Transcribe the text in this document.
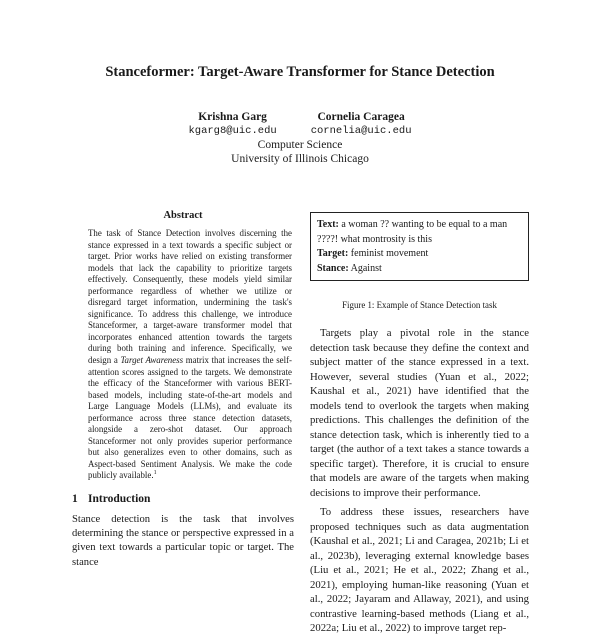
Stanceformer: Target-Aware Transformer for Stance Detection
Krishna Garg
kgarg8@uic.edu
Cornelia Caragea
cornelia@uic.edu
Computer Science
University of Illinois Chicago
Abstract
The task of Stance Detection involves discerning the stance expressed in a text towards a specific subject or target. Prior works have relied on existing transformer models that lack the capability to prioritize targets effectively. Consequently, these models yield similar performance regardless of whether we utilize or disregard target information, undermining the task's significance. To address this challenge, we introduce Stanceformer, a target-aware transformer model that incorporates enhanced attention towards the targets during both training and inference. Specifically, we design a Target Awareness matrix that increases the self-attention scores assigned to the targets. We demonstrate the efficacy of the Stanceformer with various BERT-based models, including state-of-the-art models and Large Language Models (LLMs), and evaluate its performance across three stance detection datasets, alongside a zero-shot dataset. Our approach Stanceformer not only provides superior performance but also generalizes even to other domains, such as Aspect-based Sentiment Analysis. We make the code publicly available.$^1$
1 Introduction
Stance detection is the task that involves determining the stance or perspective expressed in a given text towards a particular topic or target. The stance
Text: a woman ?? wanting to be equal to a man ????! what montrosity is this
Target: feminist movement
Stance: Against
Figure 1: Example of Stance Detection task

Targets play a pivotal role in the stance detection task because they define the context and subject matter of the stance expressed in a text. However, several studies (Yuan et al., 2022; Kaushal et al., 2021) have identified that the models tend to overlook the targets when making predictions. This challenges the definition of the stance detection task, which is inherently tied to a target (the author of a text takes a stance towards a specific target). Therefore, it is crucial to ensure that models are aware of the targets when making decisions to improve their performance.

To address these issues, researchers have proposed techniques such as data augmentation (Kaushal et al., 2021; Li and Caragea, 2021b; Li et al., 2023b), leveraging external knowledge bases (Liu et al., 2021; He et al., 2022; Zhang et al., 2021), employing human-like reasoning (Yuan et al., 2022; Jayaram and Allaway, 2021), and using contrastive learning-based methods (Liang et al., 2022a; Liu et al., 2022) to improve target rep-
